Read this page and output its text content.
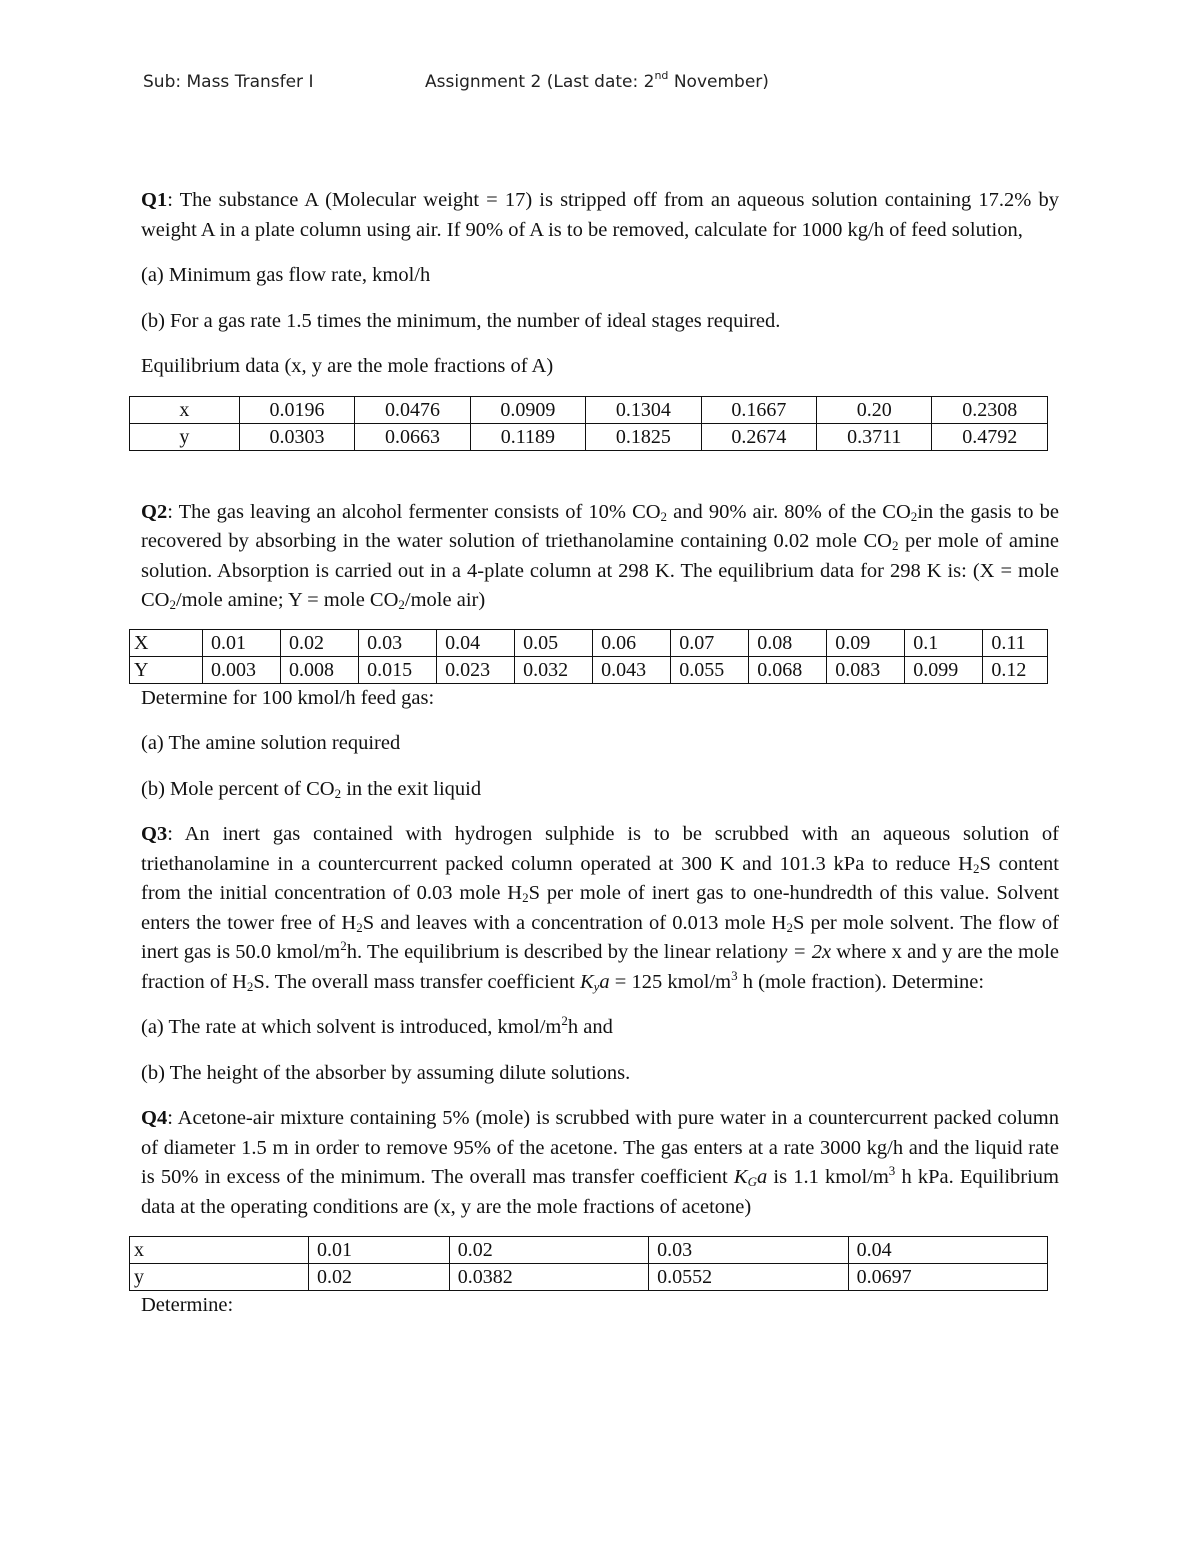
Sub: Mass Transfer I	Assignment 2 (Last date: 2nd November)

Q1: The substance A (Molecular weight = 17) is stripped off from an aqueous solution containing 17.2% by weight A in a plate column using air. If 90% of A is to be removed, calculate for 1000 kg/h of feed solution,

(a) Minimum gas flow rate, kmol/h

(b) For a gas rate 1.5 times the minimum, the number of ideal stages required.

Equilibrium data (x, y are the mole fractions of A)

x	0.0196	0.0476	0.0909	0.1304	0.1667	0.20	0.2308
y	0.0303	0.0663	0.1189	0.1825	0.2674	0.3711	0.4792

Q2: The gas leaving an alcohol fermenter consists of 10% $CO_2$ and 90% air. 80% of the $CO_2in$ the gasis to be recovered by absorbing in the water solution of triethanolamine containing 0.02 mole $CO_2$ per mole of amine solution. Absorption is carried out in a 4-plate column at 298 K. The equilibrium data for 298 K is: (X = mole $CO_2$/mole amine; Y = mole $CO_2$/mole air)

X	0.01	0.02	0.03	0.04	0.05	0.06	0.07	0.08	0.09	0.1	0.11
Y	0.003	0.008	0.015	0.023	0.032	0.043	0.055	0.068	0.083	0.099	0.12

Determine for 100 kmol/h feed gas:

(a) The amine solution required

(b) Mole percent of $CO_2$ in the exit liquid

Q3: An inert gas contained with hydrogen sulphide is to be scrubbed with an aqueous solution of triethanolamine in a countercurrent packed column operated at 300 K and 101.3 kPa to reduce $H_2S$ content from the initial concentration of 0.03 mole $H_2S$ per mole of inert gas to one-hundredth of this value. Solvent enters the tower free of $H_2S$ and leaves with a concentration of 0.013 mole $H_2S$ per mole solvent. The flow of inert gas is 50.0 kmol/$m^2h$. The equilibrium is described by the linear relationy = 2x where x and y are the mole fraction of $H_2S$. The overall mass transfer coefficient $K_ya = 125$ kmol/$m^3$ h (mole fraction). Determine:

(a) The rate at which solvent is introduced, kmol/$m^2h$ and

(b) The height of the absorber by assuming dilute solutions.

Q4: Acetone-air mixture containing 5% (mole) is scrubbed with pure water in a countercurrent packed column of diameter 1.5 m in order to remove 95% of the acetone. The gas enters at a rate 3000 kg/h and the liquid rate is 50% in excess of the minimum. The overall mas transfer coefficient $K_Ga$ is 1.1 kmol/$m^3$ h kPa. Equilibrium data at the operating conditions are (x, y are the mole fractions of acetone)

x	0.01	0.02	0.03	0.04
y	0.02	0.0382	0.0552	0.0697

Determine:
